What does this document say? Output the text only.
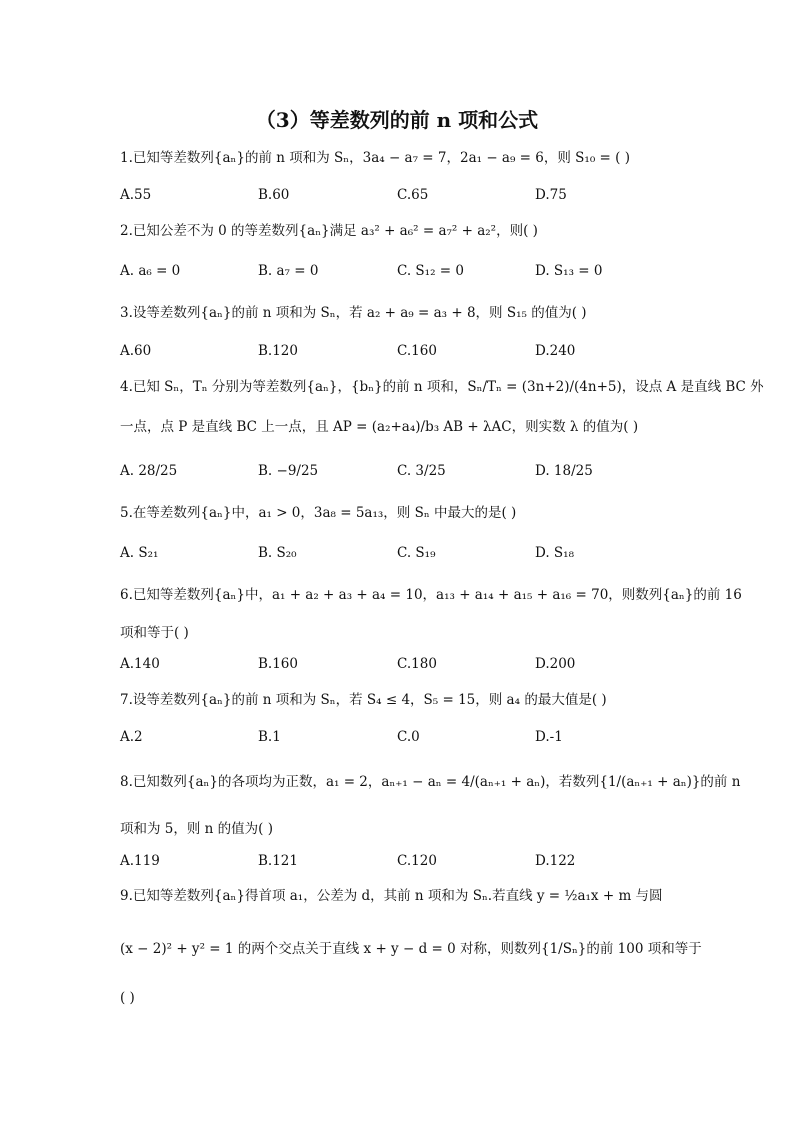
（3）等差数列的前 n 项和公式
1.已知等差数列{aₙ}的前 n 项和为 Sₙ，3a₄ − a₇ = 7，2a₁ − a₉ = 6，则 S₁₀ = ( )
A.55	B.60	C.65	D.75
2.已知公差不为 0 的等差数列{aₙ}满足 a₃² + a₆² = a₇² + a₂²，则( )
A. a₆ = 0	B. a₇ = 0	C. S₁₂ = 0	D. S₁₃ = 0
3.设等差数列{aₙ}的前 n 项和为 Sₙ，若 a₂ + a₉ = a₃ + 8，则 S₁₅ 的值为( )
A.60	B.120	C.160	D.240
4.已知 Sₙ，Tₙ 分别为等差数列{aₙ}，{bₙ}的前 n 项和，Sₙ/Tₙ = (3n+2)/(4n+5)，设点 A 是直线 BC 外
一点，点 P 是直线 BC 上一点，且 AP = (a₂+a₄)/b₃ AB + λAC，则实数 λ 的值为( )
A. 28/25	B. −9/25	C. 3/25	D. 18/25
5.在等差数列{aₙ}中，a₁ > 0，3a₈ = 5a₁₃，则 Sₙ 中最大的是( )
A. S₂₁	B. S₂₀	C. S₁₉	D. S₁₈
6.已知等差数列{aₙ}中，a₁ + a₂ + a₃ + a₄ = 10，a₁₃ + a₁₄ + a₁₅ + a₁₆ = 70，则数列{aₙ}的前 16
项和等于( )
A.140	B.160	C.180	D.200
7.设等差数列{aₙ}的前 n 项和为 Sₙ，若 S₄ ≤ 4，S₅ = 15，则 a₄ 的最大值是( )
A.2	B.1	C.0	D.-1
8.已知数列{aₙ}的各项均为正数，a₁ = 2，aₙ₊₁ − aₙ = 4/(aₙ₊₁ + aₙ)，若数列{1/(aₙ₊₁ + aₙ)}的前 n
项和为 5，则 n 的值为( )
A.119	B.121	C.120	D.122
9.已知等差数列{aₙ}得首项 a₁，公差为 d，其前 n 项和为 Sₙ.若直线 y = ½a₁x + m 与圆
(x − 2)² + y² = 1 的两个交点关于直线 x + y − d = 0 对称，则数列{1/Sₙ}的前 100 项和等于
( )
